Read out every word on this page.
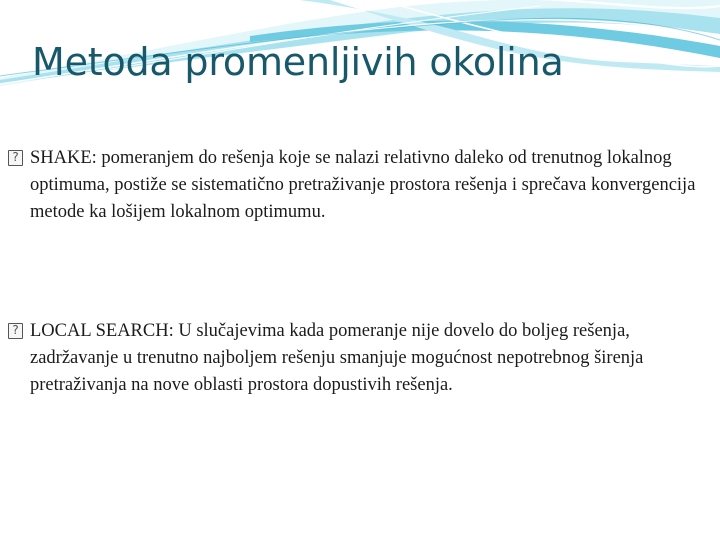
Metoda promenljivih okolina
?
SHAKE: pomeranjem do rešenja koje se nalazi relativno daleko od trenutnog lokalnog optimuma, postiže se sistematično pretraživanje prostora rešenja i sprečava konvergencija metode ka lošijem lokalnom optimumu.
?
LOCAL SEARCH: U slučajevima kada pomeranje nije dovelo do boljeg rešenja, zadržavanje u trenutno najboljem rešenju smanjuje mogućnost nepotrebnog širenja pretraživanja na nove oblasti prostora dopustivih rešenja.
